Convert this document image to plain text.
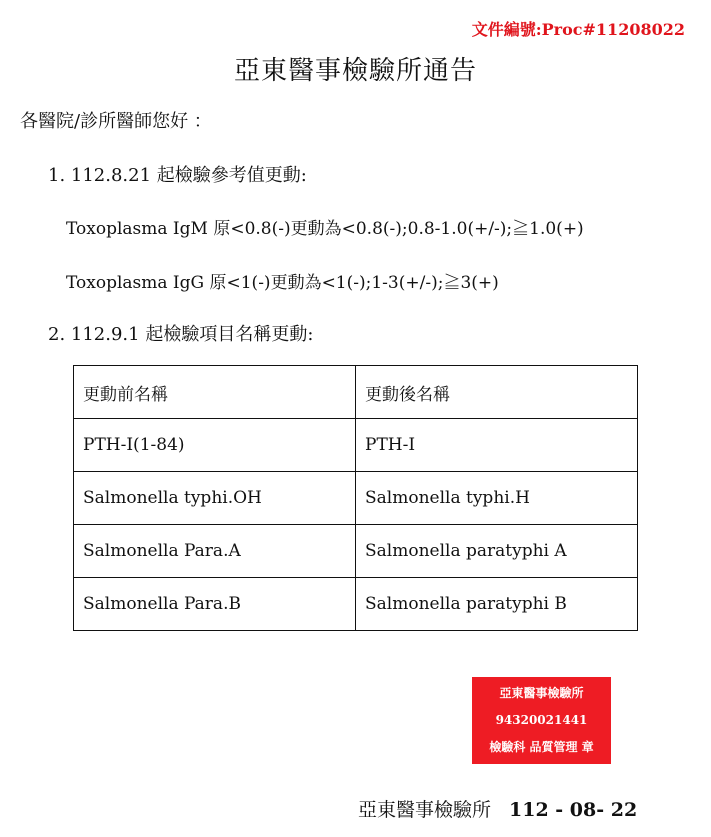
文件編號:Proc#11208022
亞東醫事檢驗所通告
各醫院/診所醫師您好 ：
1. 112.8.21 起檢驗參考值更動:
Toxoplasma IgM 原<0.8(-)更動為<0.8(-);0.8-1.0(+/-);≧1.0(+)
Toxoplasma IgG 原<1(-)更動為<1(-);1-3(+/-);≧3(+)
2. 112.9.1 起檢驗項目名稱更動:
更動前名稱	更動後名稱
PTH-I(1-84)	PTH-I
Salmonella typhi.OH	Salmonella typhi.H
Salmonella Para.A	Salmonella paratyphi A
Salmonella Para.B	Salmonella paratyphi B
亞東醫事檢驗所
94320021441
檢驗科 品質管理 章
亞東醫事檢驗所 112 - 08- 22
